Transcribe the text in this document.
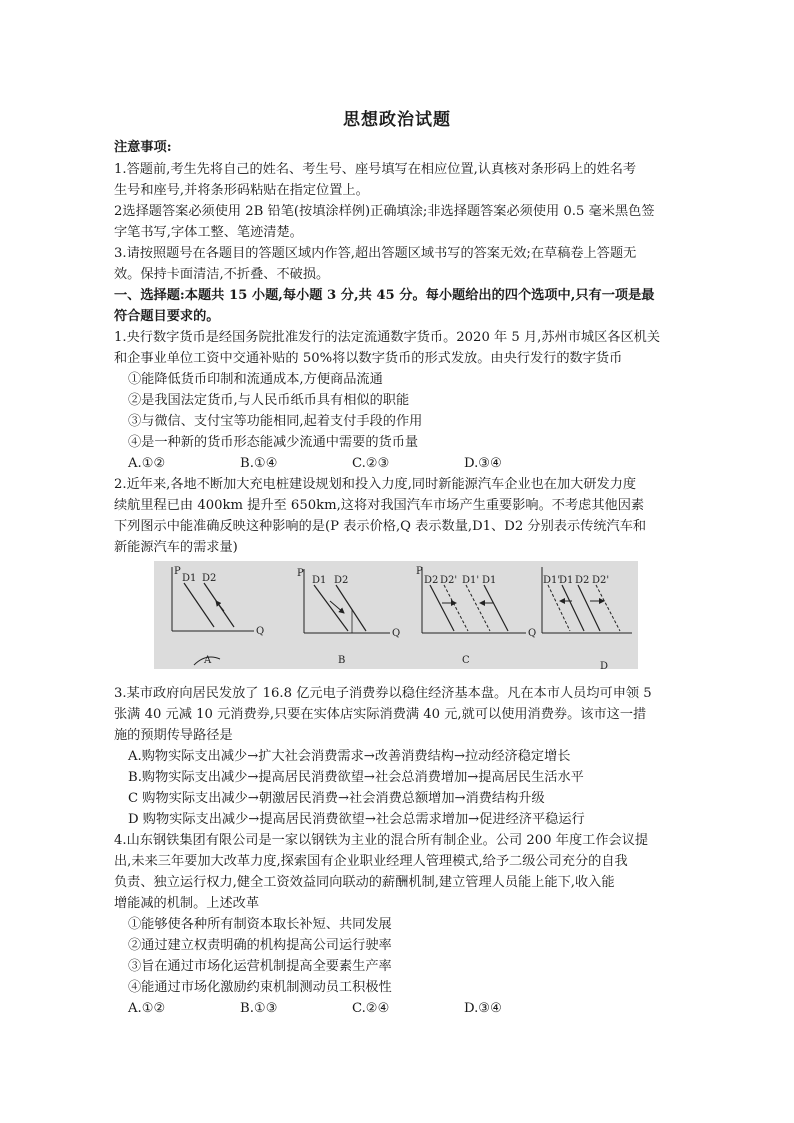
思想政治试题
注意事项:
1.答题前,考生先将自己的姓名、考生号、座号填写在相应位置,认真核对条形码上的姓名考
生号和座号,并将条形码粘贴在指定位置上。
2选择题答案必须使用 2B 铅笔(按填涂样例)正确填涂;非选择题答案必须使用 0.5 毫米黑色签
字笔书写,字体工整、笔迹清楚。
3.请按照题号在各题目的答题区域内作答,超出答题区域书写的答案无效;在草稿卷上答题无
效。保持卡面清洁,不折叠、不破损。
一、选择题:本题共 15 小题,每小题 3 分,共 45 分。每小题给出的四个选项中,只有一项是最
符合题目要求的。
1.央行数字货币是经国务院批准发行的法定流通数字货币。2020 年 5 月,苏州市城区各区机关
和企事业单位工资中交通补贴的 50%将以数字货币的形式发放。由央行发行的数字货币
①能降低货币印制和流通成本,方便商品流通
②是我国法定货币,与人民币纸币具有相似的职能
③与微信、支付宝等功能相同,起着支付手段的作用
④是一种新的货币形态能减少流通中需要的货币量
A.①②	B.①④	C.②③	D.③④
2.近年来,各地不断加大充电桩建设规划和投入力度,同时新能源汽车企业也在加大研发力度
续航里程已由 400km 提升至 650km,这将对我国汽车市场产生重要影响。不考虑其他因素
下列图示中能准确反映这种影响的是(P 表示价格,Q 表示数量,D1、D2 分别表示传统汽车和
新能源汽车的需求量)
P
Q
D1 D2
A
P
Q
D1 D2
B
P
Q
D2 D2' D1' D1
C
D1'
D1 D2 D2'
D
3.某市政府向居民发放了 16.8 亿元电子消费券以稳住经济基本盘。凡在本市人员均可申领 5
张满 40 元减 10 元消费券,只要在实体店实际消费满 40 元,就可以使用消费券。该市这一措
施的预期传导路径是
A.购物实际支出减少→扩大社会消费需求→改善消费结构→拉动经济稳定增长
B.购物实际支出减少→提高居民消费欲望→社会总消费增加→提高居民生活水平
C 购物实际支出减少→朝激居民消费→社会消费总额增加→消费结构升级
D 购物实际支出减少→提高居民消费欲望→社会总需求增加→促进经济平稳运行
4.山东钢铁集团有限公司是一家以钢铁为主业的混合所有制企业。公司 200 年度工作会议提
出,未来三年要加大改革力度,探索国有企业职业经理人管理模式,给予二级公司充分的自我
负责、独立运行权力,健全工资效益同向联动的薪酬机制,建立管理人员能上能下,收入能
增能减的机制。上述改革
①能够使各种所有制资本取长补短、共同发展
②通过建立权责明确的机构提高公司运行驶率
③旨在通过市场化运营机制提高全要素生产率
④能通过市场化激励约束机制测动员工积极性
A.①②	B.①③	C.②④	D.③④
